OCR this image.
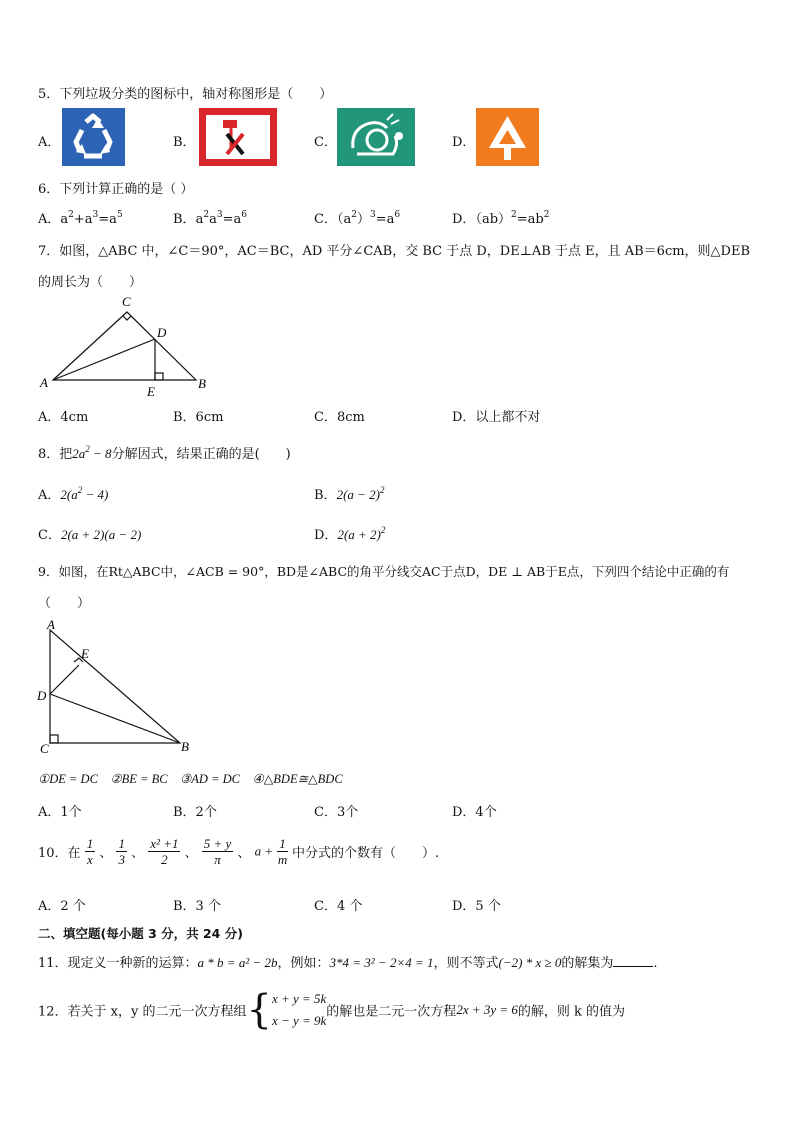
5．下列垃圾分类的图标中，轴对称图形是（　　）
A．	B．	C．	D．
6．下列计算正确的是（ ）
A．$a^2+a^3=a^5$	B．$a^2a^3=a^6$	C．$(a^2)^3=a^6$	D．$(ab)^2=ab^2$
7．如图，△ABC 中，∠C＝90°，AC＝BC，AD 平分∠CAB，交 BC 于点 D，DE⊥AB 于点 E，且 AB＝6cm，则△DEB
的周长为（　　）
C
D
A	B
E
A．4cm	B．6cm	C．8cm	D．以上都不对
8．把$2a^2 - 8$分解因式，结果正确的是(　　)
A．$2(a^2 - 4)$	B．$2(a - 2)^2$
C．2(a + 2)(a − 2)	D．$2(a + 2)^2$
9．如图，在Rt△ABC中，∠ACB = 90°，BD是∠ABC的角平分线交AC于点D，DE ⊥ AB于E点，下列四个结论中正确的有
（　　）
A
E
D
C	B
①DE = DC　②BE = BC　③AD = DC　④△BDE≅△BDC
A．1个	B．2个	C．3个	D．4个
10．在 $\frac{1}{x}$ 、 $\frac{1}{3}$ 、 $\frac{\text{x² +1}}{2}$ 、 $\frac{5 + y}{\pi}$ 、 $a + \frac{1}{m}$ 中分式的个数有（　　）.
A．2 个	B．3 个	C．4 个	D．5 个
二、填空题(每小题 3 分，共 24 分)
11．现定义一种新的运算：a * b = a² − 2b，例如：3*4 = 3² − 2×4 = 1，则不等式(−2) * x ≥ 0的解集为	.
12．若关于 x，y 的二元一次方程组{ x + y = 5k
x − y = 9k
的解也是二元一次方程2x + 3y = 6的解，则 k 的值为
